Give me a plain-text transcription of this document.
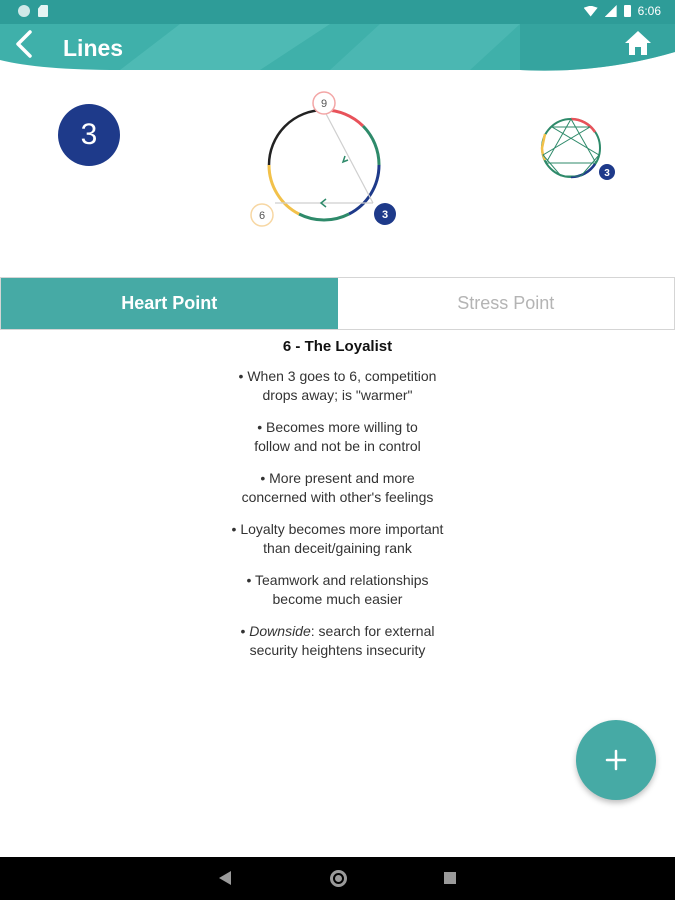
6:06
Lines
3
9
6	3
3
Heart Point	Stress Point
6 - The Loyalist
• When 3 goes to 6, competition
drops away; is "warmer"
• Becomes more willing to
follow and not be in control
• More present and more
concerned with other's feelings
• Loyalty becomes more important
than deceit/gaining rank
• Teamwork and relationships
become much easier
• Downside: search for external
security heightens insecurity
